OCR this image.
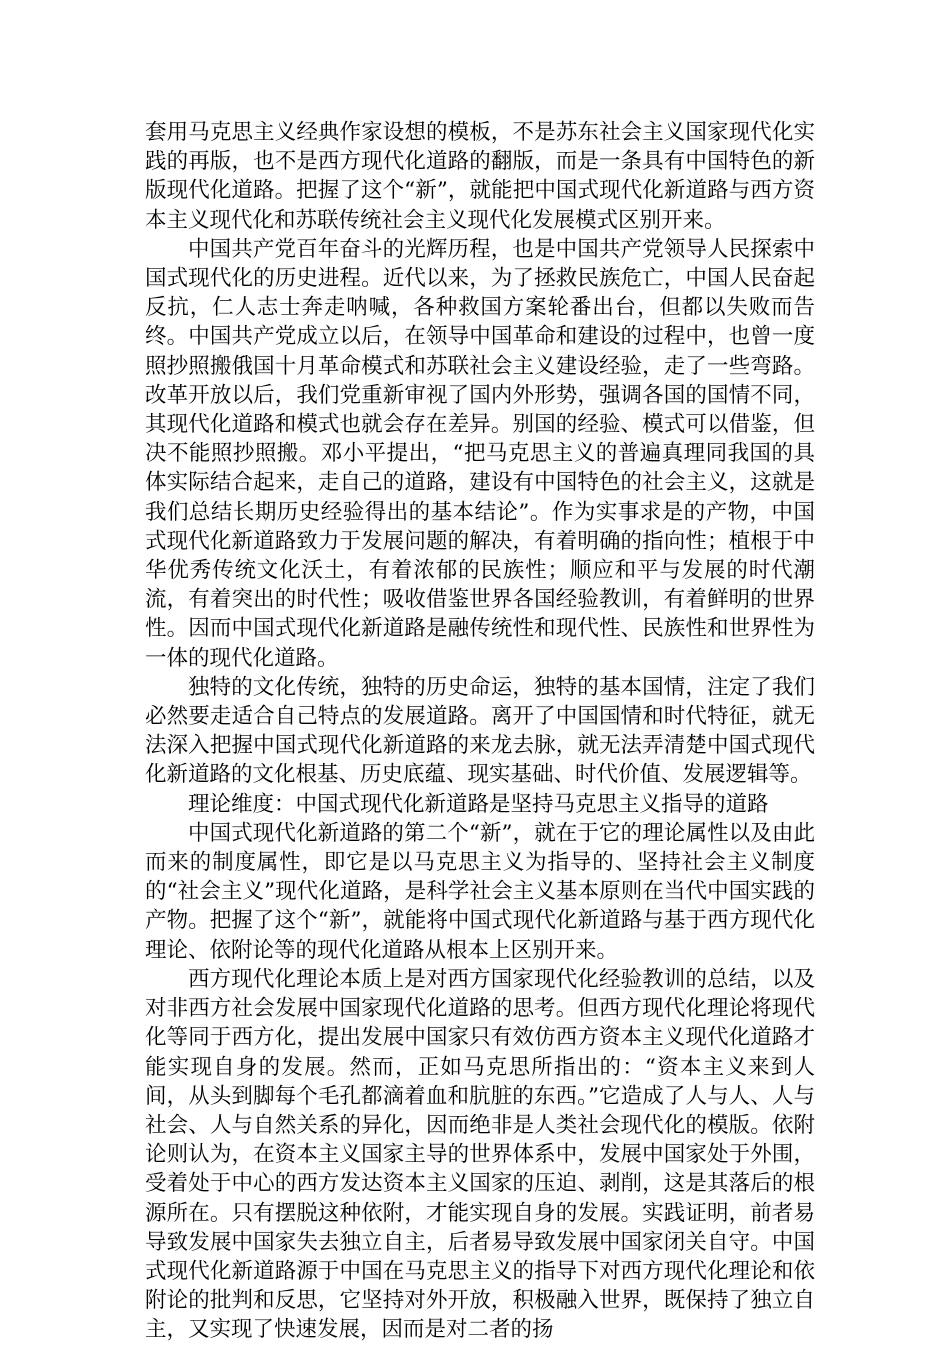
套用马克思主义经典作家设想的模板，不是苏东社会主义国家现代化实践的再版，也不是西方现代化道路的翻版，而是一条具有中国特色的新版现代化道路。把握了这个“新”，就能把中国式现代化新道路与西方资本主义现代化和苏联传统社会主义现代化发展模式区别开来。

中国共产党百年奋斗的光辉历程，也是中国共产党领导人民探索中国式现代化的历史进程。近代以来，为了拯救民族危亡，中国人民奋起反抗，仁人志士奔走呐喊，各种救国方案轮番出台，但都以失败而告终。中国共产党成立以后，在领导中国革命和建设的过程中，也曾一度照抄照搬俄国十月革命模式和苏联社会主义建设经验，走了一些弯路。改革开放以后，我们党重新审视了国内外形势，强调各国的国情不同，其现代化道路和模式也就会存在差异。别国的经验、模式可以借鉴，但决不能照抄照搬。邓小平提出，“把马克思主义的普遍真理同我国的具体实际结合起来，走自己的道路，建设有中国特色的社会主义，这就是我们总结长期历史经验得出的基本结论”。作为实事求是的产物，中国式现代化新道路致力于发展问题的解决，有着明确的指向性；植根于中华优秀传统文化沃土，有着浓郁的民族性；顺应和平与发展的时代潮流，有着突出的时代性；吸收借鉴世界各国经验教训，有着鲜明的世界性。因而中国式现代化新道路是融传统性和现代性、民族性和世界性为一体的现代化道路。

独特的文化传统，独特的历史命运，独特的基本国情，注定了我们必然要走适合自己特点的发展道路。离开了中国国情和时代特征，就无法深入把握中国式现代化新道路的来龙去脉，就无法弄清楚中国式现代化新道路的文化根基、历史底蕴、现实基础、时代价值、发展逻辑等。

理论维度：中国式现代化新道路是坚持马克思主义指导的道路

中国式现代化新道路的第二个“新”，就在于它的理论属性以及由此而来的制度属性，即它是以马克思主义为指导的、坚持社会主义制度的“社会主义”现代化道路，是科学社会主义基本原则在当代中国实践的产物。把握了这个“新”，就能将中国式现代化新道路与基于西方现代化理论、依附论等的现代化道路从根本上区别开来。

西方现代化理论本质上是对西方国家现代化经验教训的总结，以及对非西方社会发展中国家现代化道路的思考。但西方现代化理论将现代化等同于西方化，提出发展中国家只有效仿西方资本主义现代化道路才能实现自身的发展。然而，正如马克思所指出的：“资本主义来到人间，从头到脚每个毛孔都滴着血和肮脏的东西。”它造成了人与人、人与社会、人与自然关系的异化，因而绝非是人类社会现代化的模版。依附论则认为，在资本主义国家主导的世界体系中，发展中国家处于外围，受着处于中心的西方发达资本主义国家的压迫、剥削，这是其落后的根源所在。只有摆脱这种依附，才能实现自身的发展。实践证明，前者易导致发展中国家失去独立自主，后者易导致发展中国家闭关自守。中国式现代化新道路源于中国在马克思主义的指导下对西方现代化理论和依附论的批判和反思，它坚持对外开放，积极融入世界，既保持了独立自主，又实现了快速发展，因而是对二者的扬
